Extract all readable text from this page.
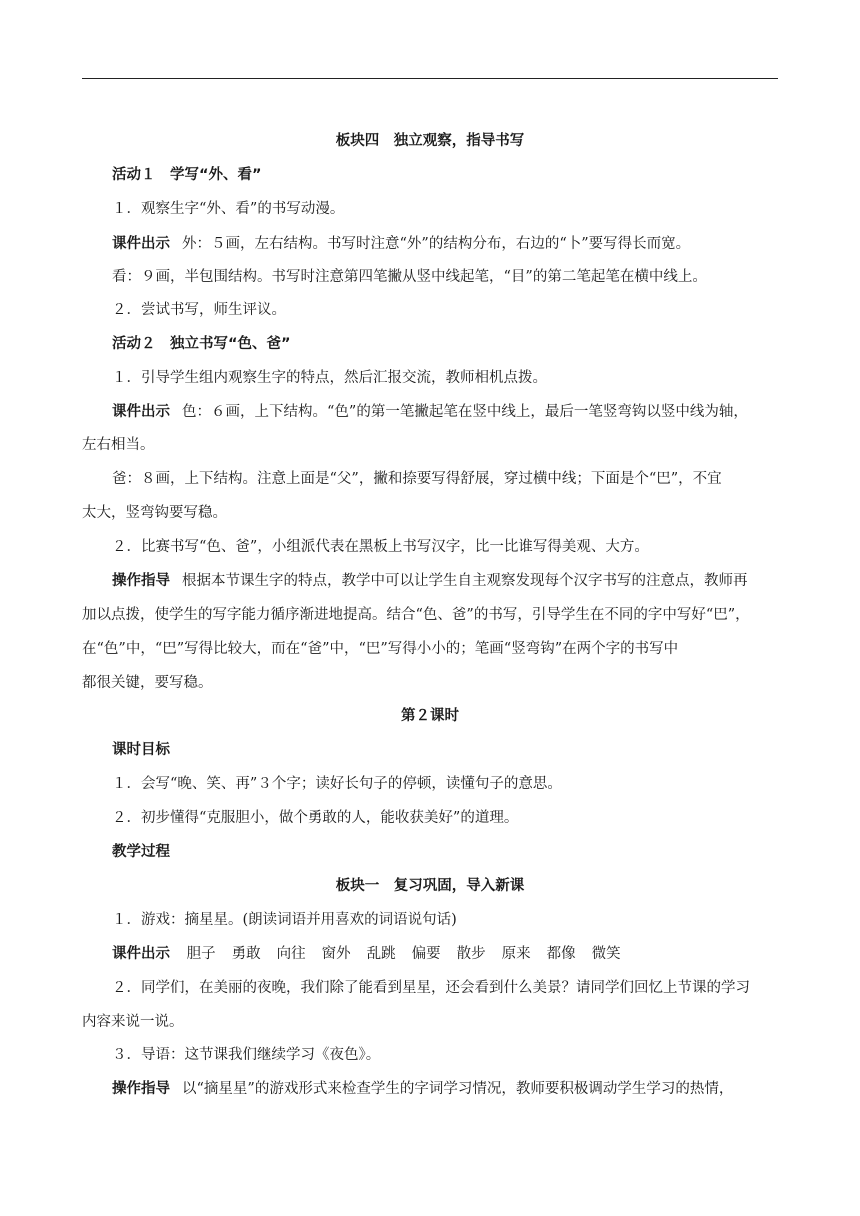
板块四　独立观察，指导书写
活动１　学写“外、看”
１．观察生字“外、看”的书写动漫。
课件出示 外：５画，左右结构。书写时注意“外”的结构分布，右边的“卜”要写得长而宽。
看：９画，半包围结构。书写时注意第四笔撇从竖中线起笔，“目”的第二笔起笔在横中线上。
２．尝试书写，师生评议。
活动２　独立书写“色、爸”
１．引导学生组内观察生字的特点，然后汇报交流，教师相机点拨。
课件出示 色：６画，上下结构。“色”的第一笔撇起笔在竖中线上，最后一笔竖弯钩以竖中线为轴，
左右相当。
爸：８画，上下结构。注意上面是“父”，撇和捺要写得舒展，穿过横中线；下面是个“巴”，不宜
太大，竖弯钩要写稳。
２．比赛书写“色、爸”，小组派代表在黑板上书写汉字，比一比谁写得美观、大方。
操作指导 根据本节课生字的特点，教学中可以让学生自主观察发现每个汉字书写的注意点，教师再
加以点拨，使学生的写字能力循序渐进地提高。结合“色、爸”的书写，引导学生在不同的字中写好“巴”，
在“色”中，“巴”写得比较大，而在“爸”中，“巴”写得小小的；笔画“竖弯钩”在两个字的书写中
都很关键，要写稳。
第２课时
课时目标
１．会写“晚、笑、再”３个字；读好长句子的停顿，读懂句子的意思。
２．初步懂得“克服胆小，做个勇敢的人，能收获美好”的道理。
教学过程
板块一　复习巩固，导入新课
１．游戏：摘星星。(朗读词语并用喜欢的词语说句话)
课件出示 胆子 勇敢 向往 窗外 乱跳 偏要 散步 原来 都像 微笑
２．同学们，在美丽的夜晚，我们除了能看到星星，还会看到什么美景？请同学们回忆上节课的学习
内容来说一说。
３．导语：这节课我们继续学习《夜色》。
操作指导 以“摘星星”的游戏形式来检查学生的字词学习情况，教师要积极调动学生学习的热情，
